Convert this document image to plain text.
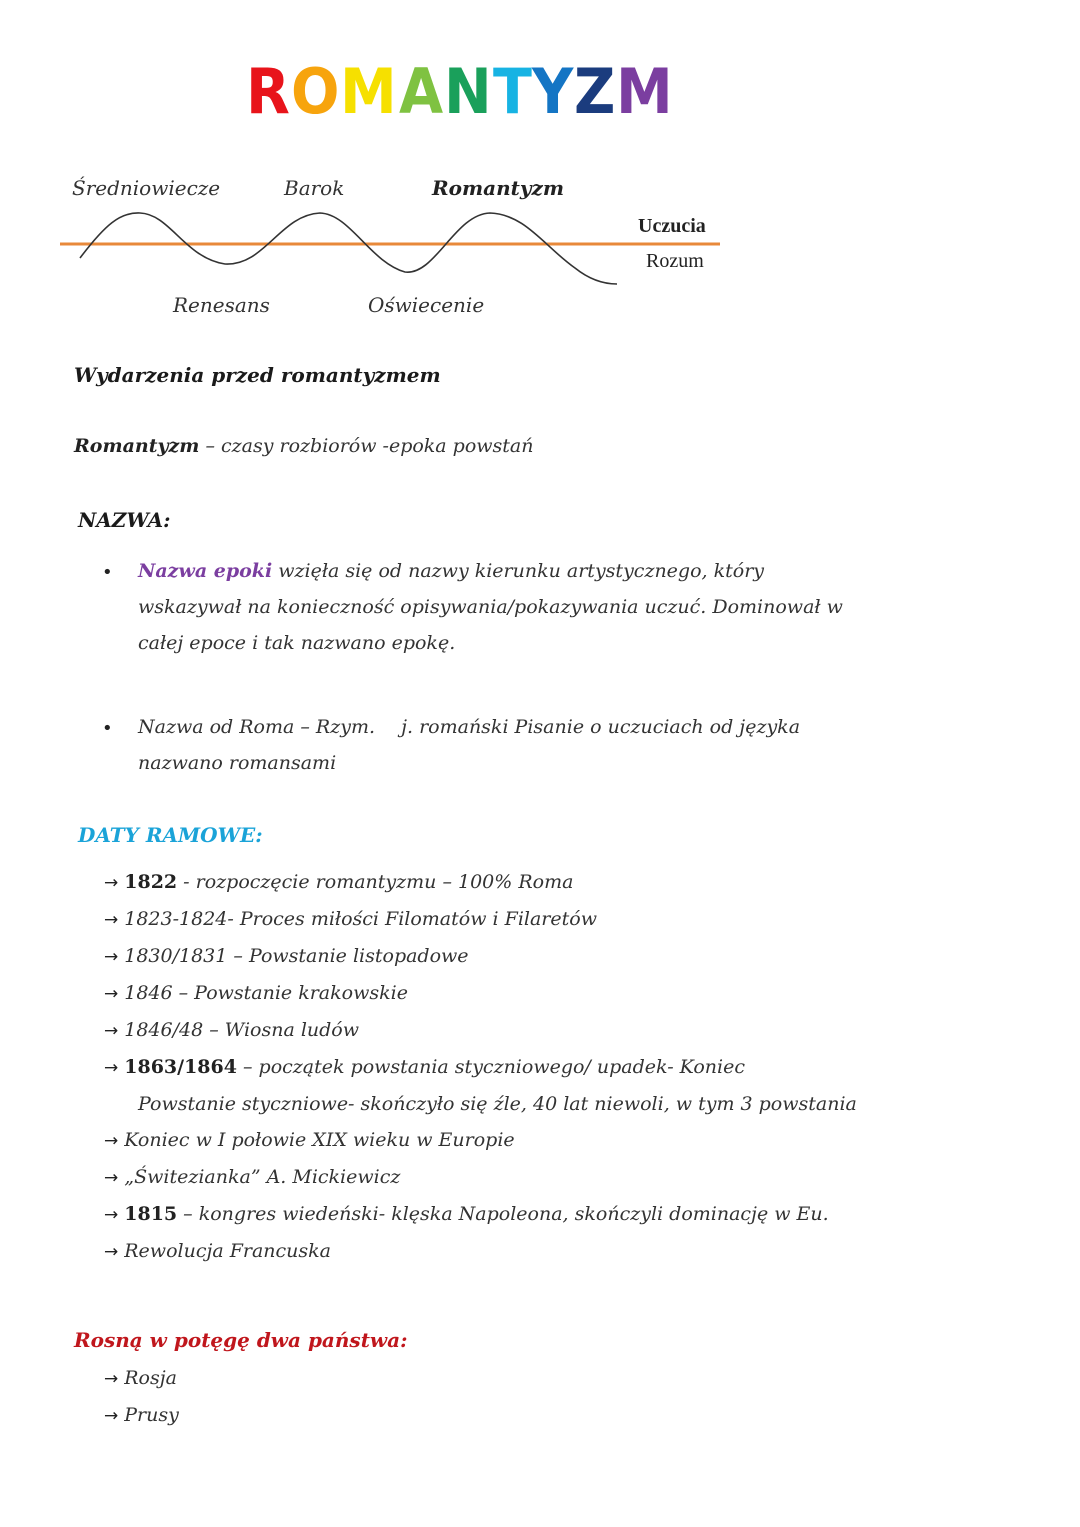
R O M A N T Y Z M
Średniowiecze	Barok	Romantyzm
Renesans	Oświecenie
Uczucia
Rozum
Wydarzenia przed romantyzmem
Romantyzm – czasy rozbiorów -epoka powstań
NAZWA:
• Nazwa epoki wzięła się od nazwy kierunku artystycznego, który
wskazywał na konieczność opisywania/pokazywania uczuć. Dominował w
całej epoce i tak nazwano epokę.
• Nazwa od Roma – Rzym. j. romański Pisanie o uczuciach od języka
nazwano romansami
DATY RAMOWE:
→ 1822 - rozpoczęcie romantyzmu – 100% Roma
→ 1823-1824- Proces miłości Filomatów i Filaretów
→ 1830/1831 – Powstanie listopadowe
→ 1846 – Powstanie krakowskie
→ 1846/48 – Wiosna ludów
→ 1863/1864 – początek powstania styczniowego/ upadek- Koniec
Powstanie styczniowe- skończyło się źle, 40 lat niewoli, w tym 3 powstania
→ Koniec w I połowie XIX wieku w Europie
→ „Świtezianka” A. Mickiewicz
→ 1815 – kongres wiedeński- klęska Napoleona, skończyli dominację w Eu.
→ Rewolucja Francuska
Rosną w potęgę dwa państwa:
→ Rosja
→ Prusy
